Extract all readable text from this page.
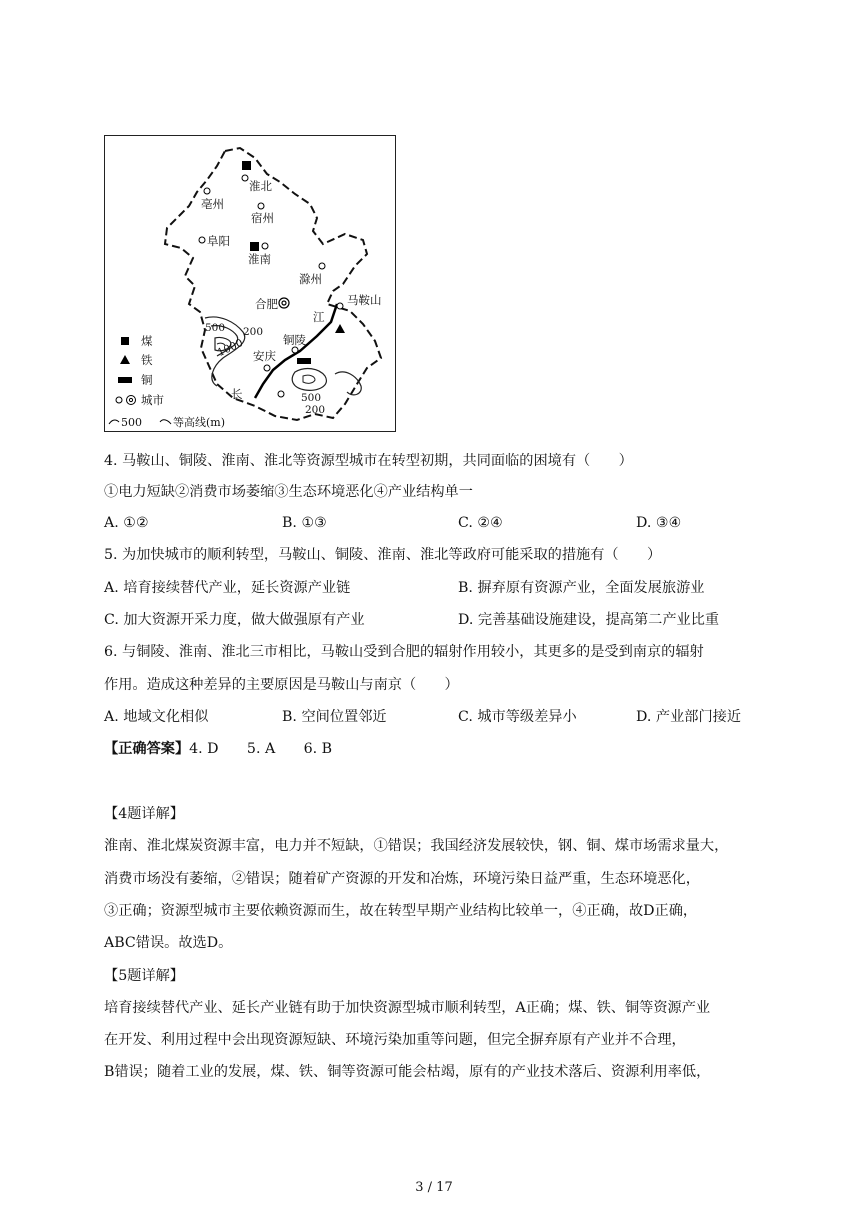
淮北
亳州
宿州
阜阳
淮南
滁州
合肥	马鞍山
江
铜陵
安庆
长
500 200
1000
500
200
煤
铁
铜
城市
500	等高线(m)
4. 马鞍山、铜陵、淮南、淮北等资源型城市在转型初期，共同面临的困境有（　　）
①电力短缺②消费市场萎缩③生态环境恶化④产业结构单一
A. ①②	B. ①③	C. ②④	D. ③④
5. 为加快城市的顺利转型，马鞍山、铜陵、淮南、淮北等政府可能采取的措施有（　　）
A. 培育接续替代产业，延长资源产业链	B. 摒弃原有资源产业，全面发展旅游业
C. 加大资源开采力度，做大做强原有产业	D. 完善基础设施建设，提高第二产业比重
6. 与铜陵、淮南、淮北三市相比，马鞍山受到合肥的辐射作用较小，其更多的是受到南京的辐射
作用。造成这种差异的主要原因是马鞍山与南京（　　）
A. 地域文化相似	B. 空间位置邻近	C. 城市等级差异小	D. 产业部门接近
【正确答案】4. D　　5. A　　6. B
【4题详解】
淮南、淮北煤炭资源丰富，电力并不短缺，①错误；我国经济发展较快，钢、铜、煤市场需求量大，
消费市场没有萎缩，②错误；随着矿产资源的开发和冶炼，环境污染日益严重，生态环境恶化，
③正确；资源型城市主要依赖资源而生，故在转型早期产业结构比较单一，④正确，故D正确，
ABC错误。故选D。
【5题详解】
培育接续替代产业、延长产业链有助于加快资源型城市顺利转型，A正确；煤、铁、铜等资源产业
在开发、利用过程中会出现资源短缺、环境污染加重等问题，但完全摒弃原有产业并不合理，
B错误；随着工业的发展，煤、铁、铜等资源可能会枯竭，原有的产业技术落后、资源利用率低，
3 / 17
